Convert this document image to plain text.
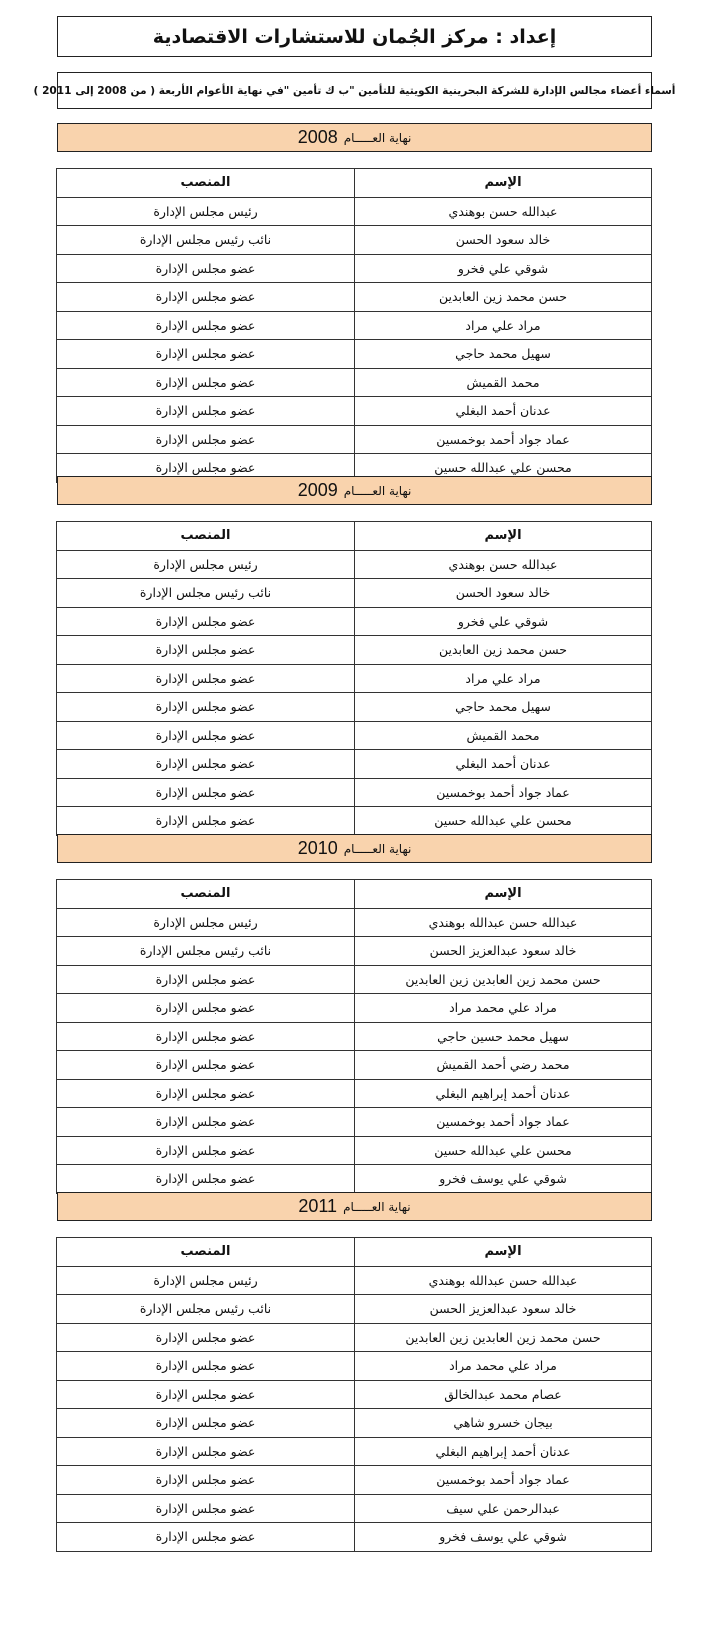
إعداد : مركز الجُمان للاستشارات الاقتصادية
أسماء أعضاء مجالس الإدارة للشركة البحرينية الكويتية للتأمين "ب ك تأمين "في نهاية الأعوام الأربعة ( من 2008 إلى 2011 )
نهاية العـــــام
2008
الإسم	المنصب
عبدالله حسن بوهندي	رئيس مجلس الإدارة
خالد سعود الحسن	نائب رئيس مجلس الإدارة
شوقي علي فخرو	عضو مجلس الإدارة
حسن محمد زين العابدين	عضو مجلس الإدارة
مراد علي مراد	عضو مجلس الإدارة
سهيل محمد حاجي	عضو مجلس الإدارة
محمد القميش	عضو مجلس الإدارة
عدنان أحمد البغلي	عضو مجلس الإدارة
عماد جواد أحمد بوخمسين	عضو مجلس الإدارة
محسن علي عبدالله حسين	عضو مجلس الإدارة
نهاية العـــــام
2009
الإسم	المنصب
عبدالله حسن بوهندي	رئيس مجلس الإدارة
خالد سعود الحسن	نائب رئيس مجلس الإدارة
شوقي علي فخرو	عضو مجلس الإدارة
حسن محمد زين العابدين	عضو مجلس الإدارة
مراد علي مراد	عضو مجلس الإدارة
سهيل محمد حاجي	عضو مجلس الإدارة
محمد القميش	عضو مجلس الإدارة
عدنان أحمد البغلي	عضو مجلس الإدارة
عماد جواد أحمد بوخمسين	عضو مجلس الإدارة
محسن علي عبدالله حسين	عضو مجلس الإدارة
نهاية العـــــام
2010
الإسم	المنصب
عبدالله حسن عبدالله بوهندي	رئيس مجلس الإدارة
خالد سعود عبدالعزيز الحسن	نائب رئيس مجلس الإدارة
حسن محمد زين العابدين زين العابدين	عضو مجلس الإدارة
مراد علي محمد مراد	عضو مجلس الإدارة
سهيل محمد حسين حاجي	عضو مجلس الإدارة
محمد رضي أحمد القميش	عضو مجلس الإدارة
عدنان أحمد إبراهيم البغلي	عضو مجلس الإدارة
عماد جواد أحمد بوخمسين	عضو مجلس الإدارة
محسن علي عبدالله حسين	عضو مجلس الإدارة
شوقي علي يوسف فخرو	عضو مجلس الإدارة
نهاية العـــــام
2011
الإسم	المنصب
عبدالله حسن عبدالله بوهندي	رئيس مجلس الإدارة
خالد سعود عبدالعزيز الحسن	نائب رئيس مجلس الإدارة
حسن محمد زين العابدين زين العابدين	عضو مجلس الإدارة
مراد علي محمد مراد	عضو مجلس الإدارة
عصام محمد عبدالخالق	عضو مجلس الإدارة
بيجان خسرو شاهي	عضو مجلس الإدارة
عدنان أحمد إبراهيم البغلي	عضو مجلس الإدارة
عماد جواد أحمد بوخمسين	عضو مجلس الإدارة
عبدالرحمن علي سيف	عضو مجلس الإدارة
شوقي علي يوسف فخرو	عضو مجلس الإدارة
